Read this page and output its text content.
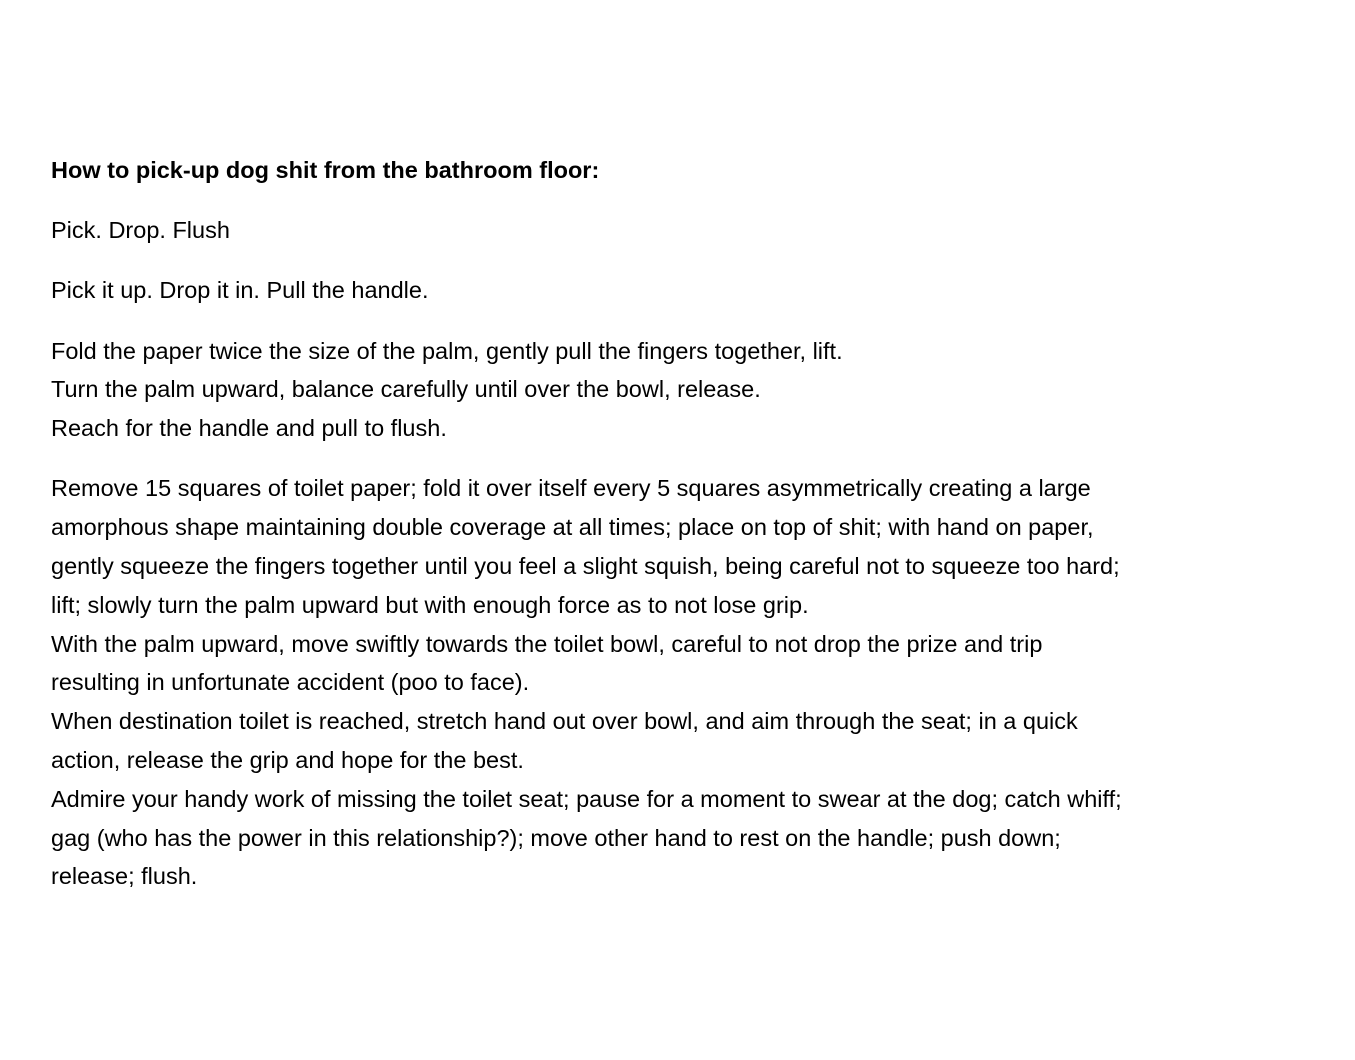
How to pick-up dog shit from the bathroom floor:

Pick. Drop. Flush

Pick it up. Drop it in. Pull the handle.

Fold the paper twice the size of the palm, gently pull the fingers together, lift.
Turn the palm upward, balance carefully until over the bowl, release.
Reach for the handle and pull to flush.

Remove 15 squares of toilet paper; fold it over itself every 5 squares asymmetrically creating a large
amorphous shape maintaining double coverage at all times; place on top of shit; with hand on paper,
gently squeeze the fingers together until you feel a slight squish, being careful not to squeeze too hard;
lift; slowly turn the palm upward but with enough force as to not lose grip.
With the palm upward, move swiftly towards the toilet bowl, careful to not drop the prize and trip
resulting in unfortunate accident (poo to face).
When destination toilet is reached, stretch hand out over bowl, and aim through the seat; in a quick
action, release the grip and hope for the best.
Admire your handy work of missing the toilet seat; pause for a moment to swear at the dog; catch whiff;
gag (who has the power in this relationship?); move other hand to rest on the handle; push down;
release; flush.
